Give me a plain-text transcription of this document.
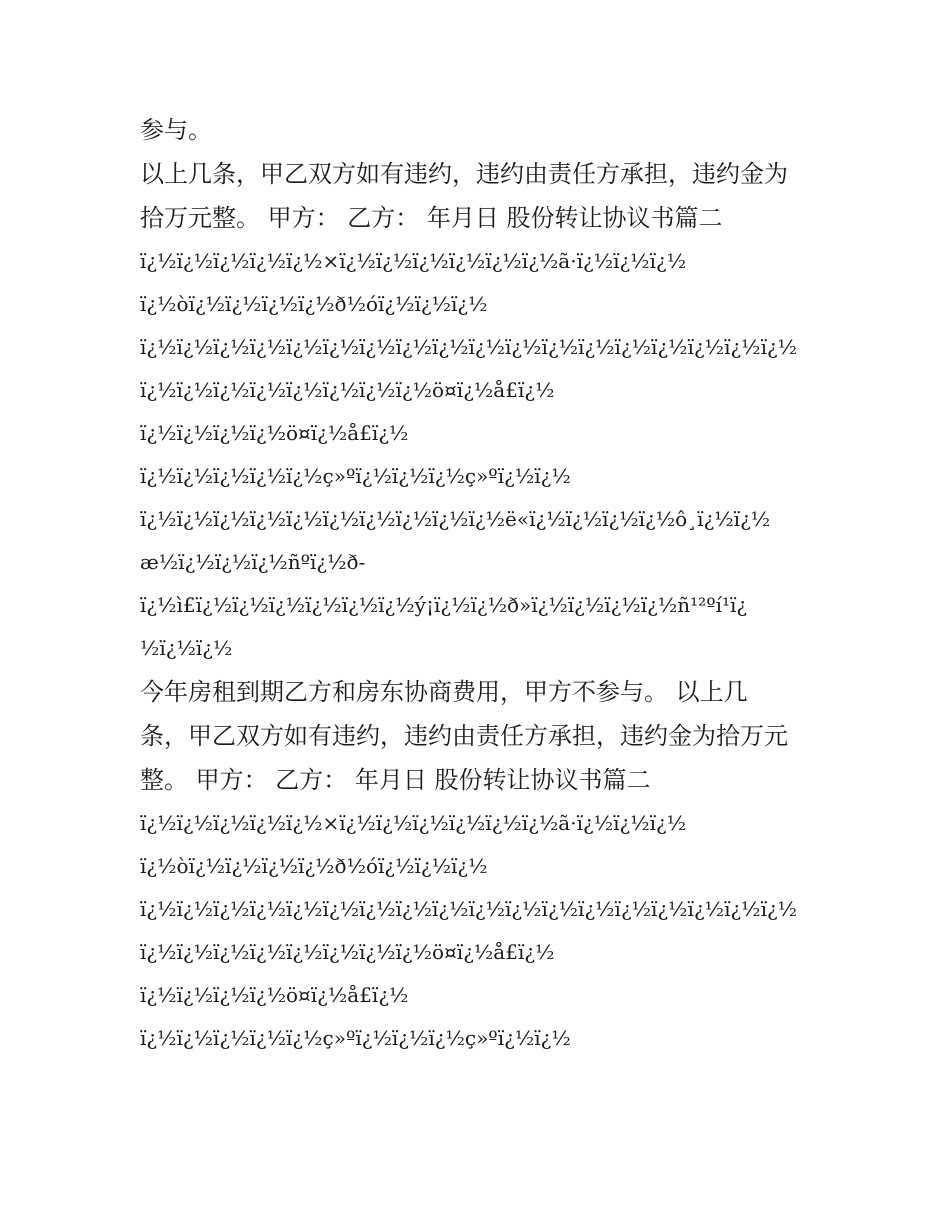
参与。
以上几条，甲乙双方如有违约，违约由责任方承担，违约金为
拾万元整。 甲方： 乙方： 年月日 股份转让协议书篇二
ï¿½ï¿½ï¿½ï¿½ï¿½×ï¿½ï¿½ï¿½ï¿½ï¿½ï¿½ã·ï¿½ï¿½ï¿½
ï¿½òï¿½ï¿½ï¿½ï¿½ð½óï¿½ï¿½ï¿½
ï¿½ï¿½ï¿½ï¿½ï¿½ï¿½ï¿½ï¿½ï¿½ï¿½ï¿½ï¿½ï¿½ï¿½ï¿½ï¿½ï¿½ï¿½
ï¿½ï¿½ï¿½ï¿½ï¿½ï¿½ï¿½ï¿½ö¤ï¿½å£ï¿½
ï¿½ï¿½ï¿½ï¿½ö¤ï¿½å£ï¿½
ï¿½ï¿½ï¿½ï¿½ï¿½ç»ºï¿½ï¿½ï¿½ç»ºï¿½ï¿½
ï¿½ï¿½ï¿½ï¿½ï¿½ï¿½ï¿½ï¿½ï¿½ï¿½ë«ï¿½ï¿½ï¿½ï¿½ô¸ï¿½ï¿½
æ½ï¿½ï¿½ï¿½ñºï¿½ð-
ï¿½ì£ï¿½ï¿½ï¿½ï¿½ï¿½ï¿½ý¡ï¿½ï¿½ð»ï¿½ï¿½ï¿½ï¿½ñ¹²ºí¹ï¿
½ï¿½ï¿½
今年房租到期乙方和房东协商费用，甲方不参与。 以上几
条，甲乙双方如有违约，违约由责任方承担，违约金为拾万元
整。 甲方： 乙方： 年月日 股份转让协议书篇二
ï¿½ï¿½ï¿½ï¿½ï¿½×ï¿½ï¿½ï¿½ï¿½ï¿½ï¿½ã·ï¿½ï¿½ï¿½
ï¿½òï¿½ï¿½ï¿½ï¿½ð½óï¿½ï¿½ï¿½
ï¿½ï¿½ï¿½ï¿½ï¿½ï¿½ï¿½ï¿½ï¿½ï¿½ï¿½ï¿½ï¿½ï¿½ï¿½ï¿½ï¿½ï¿½
ï¿½ï¿½ï¿½ï¿½ï¿½ï¿½ï¿½ï¿½ö¤ï¿½å£ï¿½
ï¿½ï¿½ï¿½ï¿½ö¤ï¿½å£ï¿½
ï¿½ï¿½ï¿½ï¿½ï¿½ç»ºï¿½ï¿½ï¿½ç»ºï¿½ï¿½
